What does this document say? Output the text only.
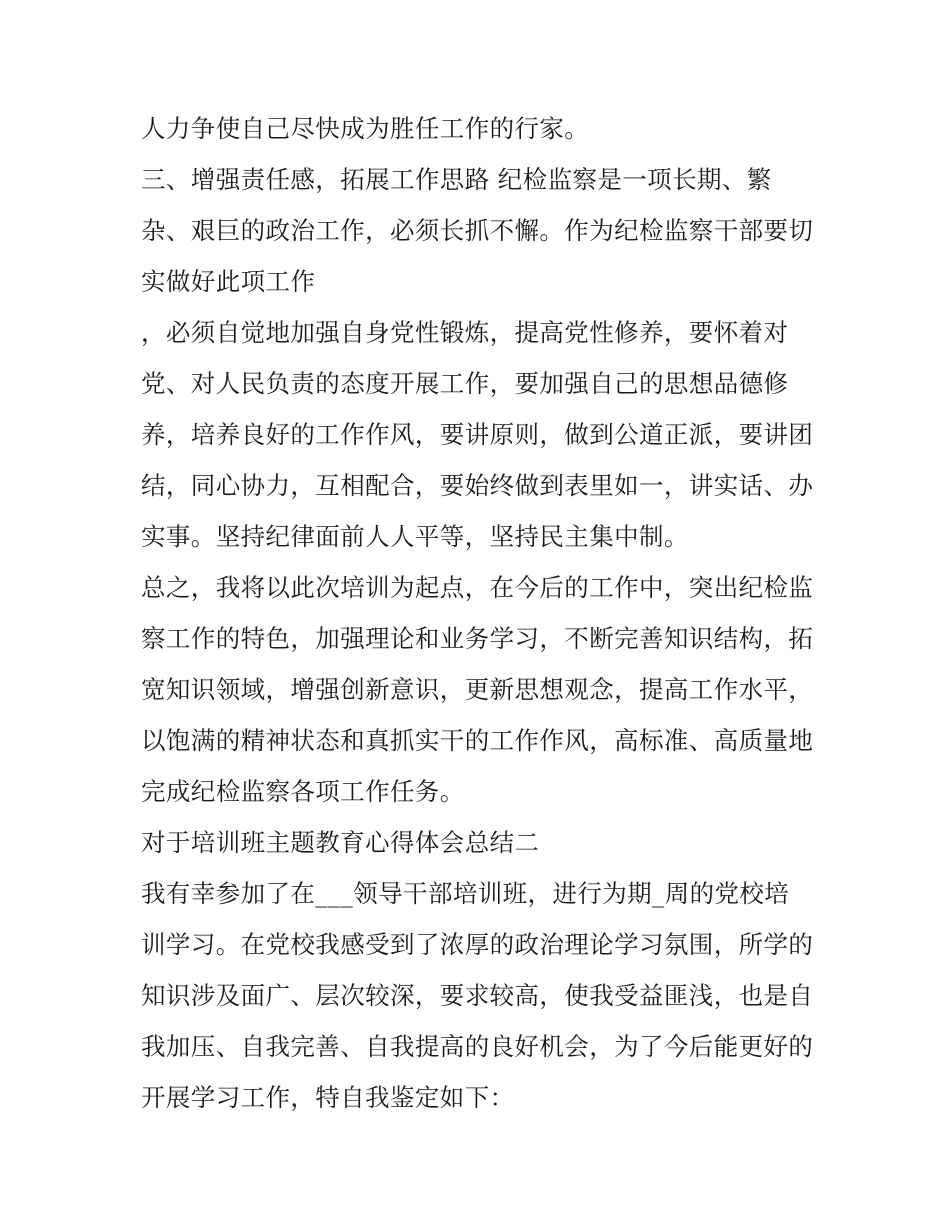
人力争使自己尽快成为胜任工作的行家。
三、增强责任感，拓展工作思路 纪检监察是一项长期、繁
杂、艰巨的政治工作，必须长抓不懈。作为纪检监察干部要切
实做好此项工作
，必须自觉地加强自身党性锻炼，提高党性修养，要怀着对
党、对人民负责的态度开展工作，要加强自己的思想品德修
养，培养良好的工作作风，要讲原则，做到公道正派，要讲团
结，同心协力，互相配合，要始终做到表里如一，讲实话、办
实事。坚持纪律面前人人平等，坚持民主集中制。
总之，我将以此次培训为起点，在今后的工作中，突出纪检监
察工作的特色，加强理论和业务学习，不断完善知识结构，拓
宽知识领域，增强创新意识，更新思想观念，提高工作水平，
以饱满的精神状态和真抓实干的工作作风，高标准、高质量地
完成纪检监察各项工作任务。
对于培训班主题教育心得体会总结二
我有幸参加了在___领导干部培训班，进行为期_周的党校培
训学习。在党校我感受到了浓厚的政治理论学习氛围，所学的
知识涉及面广、层次较深，要求较高，使我受益匪浅，也是自
我加压、自我完善、自我提高的良好机会，为了今后能更好的
开展学习工作，特自我鉴定如下：
